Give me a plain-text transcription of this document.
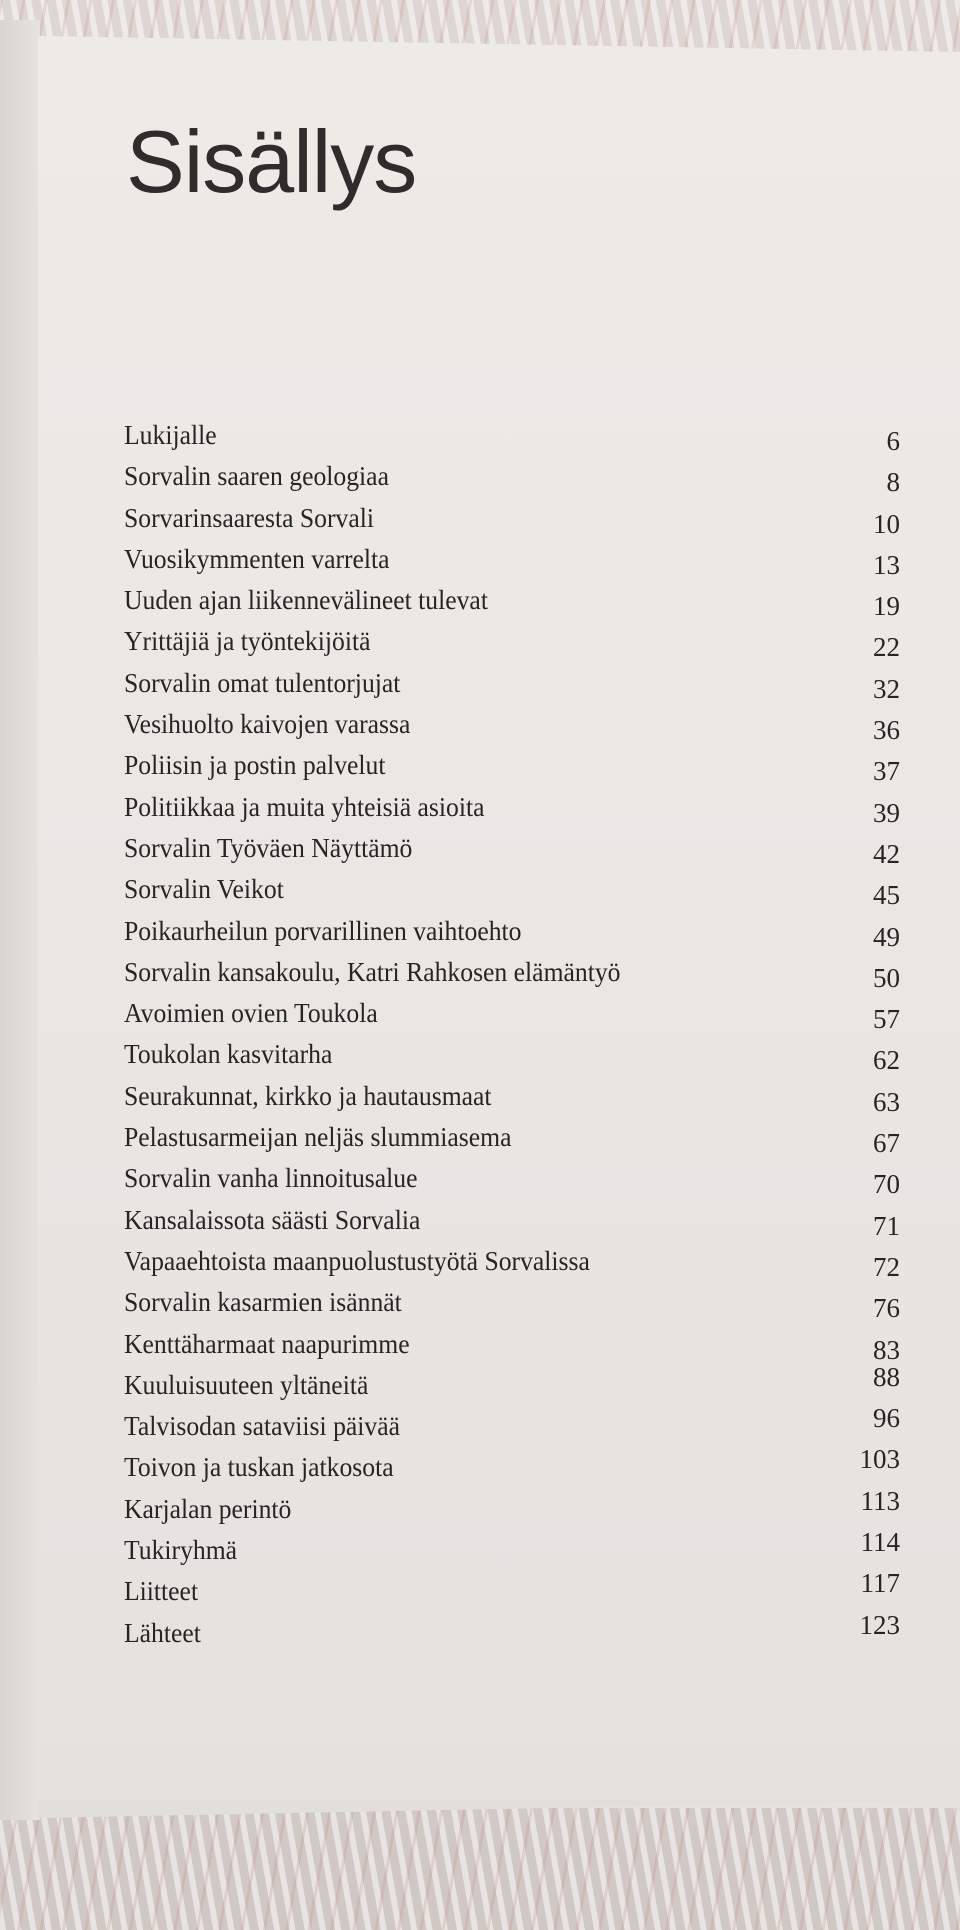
Sisällys
Lukijalle	6
Sorvalin saaren geologiaa	8
Sorvarinsaaresta Sorvali	10
Vuosikymmenten varrelta	13
Uuden ajan liikennevälineet tulevat	19
Yrittäjiä ja työntekijöitä	22
Sorvalin omat tulentorjujat	32
Vesihuolto kaivojen varassa	36
Poliisin ja postin palvelut	37
Politiikkaa ja muita yhteisiä asioita	39
Sorvalin Työväen Näyttämö	42
Sorvalin Veikot	45
Poikaurheilun porvarillinen vaihtoehto	49
Sorvalin kansakoulu, Katri Rahkosen elämäntyö	50
Avoimien ovien Toukola	57
Toukolan kasvitarha	62
Seurakunnat, kirkko ja hautausmaat	63
Pelastusarmeijan neljäs slummiasema	67
Sorvalin vanha linnoitusalue	70
Kansalaissota säästi Sorvalia	71
Vapaaehtoista maanpuolustustyötä Sorvalissa	72
Sorvalin kasarmien isännät	76
Kenttäharmaat naapurimme	83
Kuuluisuuteen yltäneitä	88
Talvisodan sataviisi päivää	96
Toivon ja tuskan jatkosota	103
Karjalan perintö	113
Tukiryhmä	114
Liitteet	117
Lähteet	123
